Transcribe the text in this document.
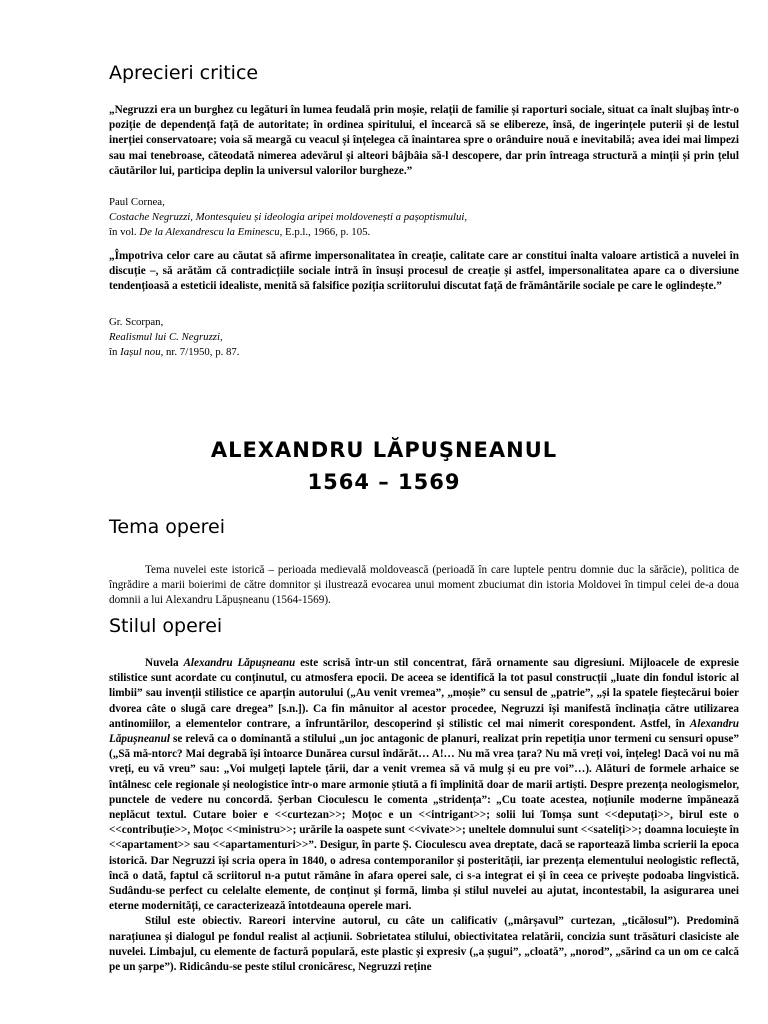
Aprecieri critice

„Negruzzi era un burghez cu legături în lumea feudală prin moșie, relații de familie și raporturi sociale, situat ca înalt slujbaș într-o poziție de dependență față de autoritate; în ordinea spiritului, el încearcă să se elibereze, însă, de ingerințele puterii și de lestul inerției conservatoare; voia să meargă cu veacul și înțelegea că înaintarea spre o orânduire nouă e inevitabilă; avea idei mai limpezi sau mai tenebroase, căteodată nimerea adevărul și alteori bâjbâia să-l descopere, dar prin întreaga structură a minții și prin țelul căutărilor lui, participa deplin la universul valorilor burgheze.”

Paul Cornea,
Costache Negruzzi, Montesquieu și ideologia aripei moldovenești a pașoptismului,
în vol. De la Alexandrescu la Eminescu, E.p.l., 1966, p. 105.

„Împotriva celor care au căutat să afirme impersonalitatea în creație, calitate care ar constitui înalta valoare artistică a nuvelei în discuție –, să arătăm că contradicțiile sociale intră în însuși procesul de creație și astfel, impersonalitatea apare ca o diversiune tendențioasă a esteticii idealiste, menită să falsifice poziția scriitorului discutat față de frământările sociale pe care le oglindește.”

Gr. Scorpan,
Realismul lui C. Negruzzi,
în Iașul nou, nr. 7/1950, p. 87.
ALEXANDRU LĂPUŞNEANUL
1564 – 1569
Tema operei

Tema nuvelei este istorică – perioada medievală moldovească (perioadă în care luptele pentru domnie duc la sărăcie), politica de îngrădire a marii boierimi de către domnitor și ilustrează evocarea unui moment zbuciumat din istoria Moldovei în timpul celei de-a doua domnii a lui Alexandru Lăpușneanu (1564-1569).

Stilul operei

Nuvela Alexandru Lăpușneanu este scrisă într-un stil concentrat, fără ornamente sau digresiuni. Mijloacele de expresie stilistice sunt acordate cu conținutul, cu atmosfera epocii. De aceea se identifică la tot pasul construcții „luate din fondul istoric al limbii” sau invenții stilistice ce aparțin autorului („Au venit vremea”, „moșie” cu sensul de „patrie”, „și la spatele fieștecărui boier dvorea câte o slugă care dregea” [s.n.]). Ca fin mânuitor al acestor procedee, Negruzzi își manifestă înclinația către utilizarea antinomiilor, a elementelor contrare, a înfruntărilor, descoperind și stilistic cel mai nimerit corespondent. Astfel, în Alexandru Lăpușneanul se relevă ca o dominantă a stilului „un joc antagonic de planuri, realizat prin repetiția unor termeni cu sensuri opuse” („Să mă-ntorc? Mai degrabă își întoarce Dunărea cursul îndărăt… A!… Nu mă vrea țara? Nu mă vreți voi, înțeleg! Dacă voi nu mă vreți, eu vă vreu” sau: „Voi mulgeți laptele țării, dar a venit vremea să vă mulg și eu pre voi”…). Alături de formele arhaice se întâlnesc cele regionale și neologistice într-o mare armonie știută a fi împlinită doar de marii artiști. Despre prezența neologismelor, punctele de vedere nu concordă. Șerban Cioculescu le comenta „stridența”: „Cu toate acestea, noțiunile moderne împănează neplăcut textul. Cutare boier e <<curtezan>>; Moțoc e un <<intrigant>>; solii lui Tomșa sunt <<deputați>>, birul este o <<contribuție>>, Moțoc <<ministru>>; urările la oaspete sunt <<vivate>>; uneltele domnului sunt <<sateliți>>; doamna locuiește în <<apartament>> sau <<apartamenturi>>”. Desigur, în parte Ș. Cioculescu avea dreptate, dacă se raportează limba scrierii la epoca istorică. Dar Negruzzi își scria opera în 1840, o adresa contemporanilor și posterității, iar prezența elementului neologistic reflectă, încă o dată, faptul că scriitorul n-a putut rămâne în afara operei sale, ci s-a integrat ei și în ceea ce privește podoaba lingvistică. Sudându-se perfect cu celelalte elemente, de conținut și formă, limba și stilul nuvelei au ajutat, incontestabil, la asigurarea unei eterne modernități, ce caracterizează întotdeauna operele mari.

Stilul este obiectiv. Rareori intervine autorul, cu câte un calificativ („mârșavul” curtezan, „ticălosul”). Predomină narațiunea și dialogul pe fondul realist al acțiunii. Sobrietatea stilului, obiectivitatea relatării, concizia sunt trăsături clasiciste ale nuvelei. Limbajul, cu elemente de factură populară, este plastic și expresiv („a șugui”, „cloată”, „norod”, „sărind ca un om ce calcă pe un șarpe”). Ridicându-se peste stilul cronicăresc, Negruzzi reține
